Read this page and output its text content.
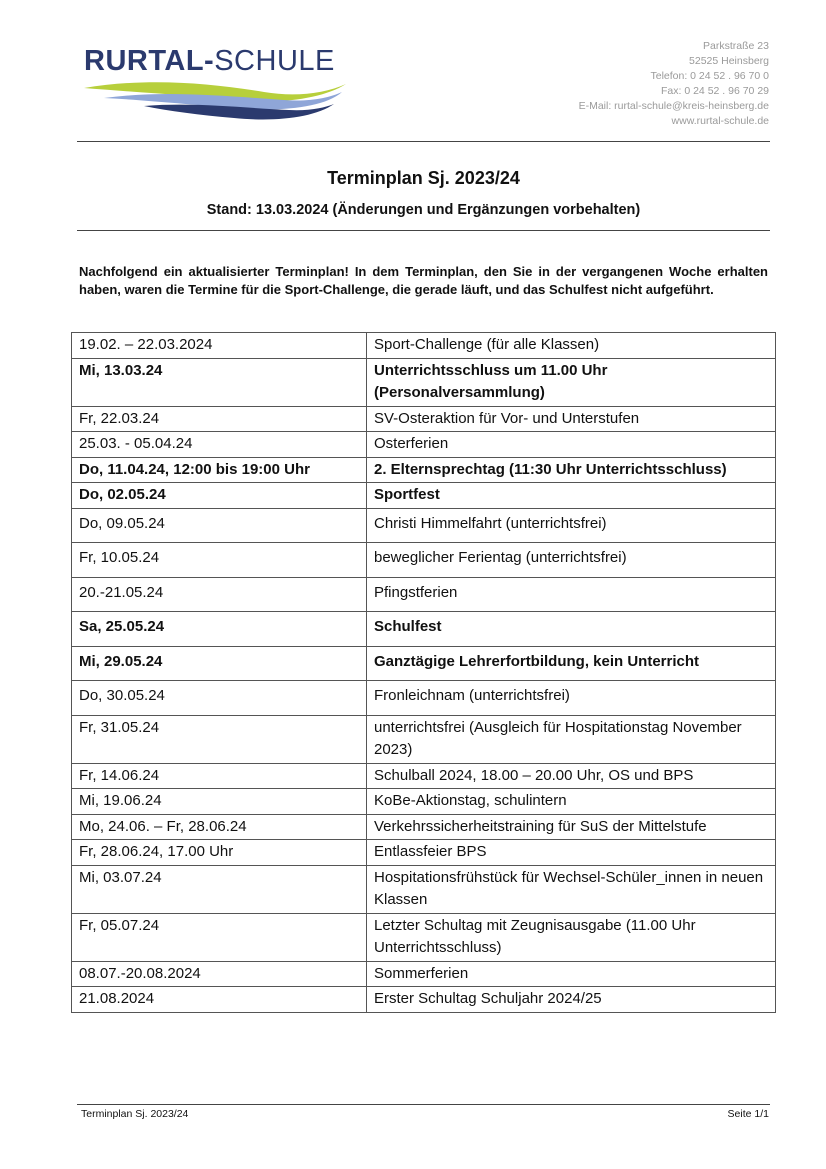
RURTAL-SCHULE	Parkstraße 23
52525 Heinsberg
Telefon: 0 24 52 . 96 70 0
Fax: 0 24 52 . 96 70 29
E-Mail: rurtal-schule@kreis-heinsberg.de
www.rurtal-schule.de
Terminplan Sj. 2023/24
Stand: 13.03.2024 (Änderungen und Ergänzungen vorbehalten)
Nachfolgend ein aktualisierter Terminplan! In dem Terminplan, den Sie in der vergangenen Woche erhalten haben, waren die Termine für die Sport-Challenge, die gerade läuft, und das Schulfest nicht aufgeführt.
19.02. – 22.03.2024	Sport-Challenge (für alle Klassen)
Mi, 13.03.24	Unterrichtsschluss um 11.00 Uhr (Personalversammlung)
Fr, 22.03.24	SV-Osteraktion für Vor- und Unterstufen
25.03. - 05.04.24	Osterferien
Do, 11.04.24, 12:00 bis 19:00 Uhr	2. Elternsprechtag (11:30 Uhr Unterrichtsschluss)
Do, 02.05.24	Sportfest
Do, 09.05.24	Christi Himmelfahrt (unterrichtsfrei)
Fr, 10.05.24	beweglicher Ferientag (unterrichtsfrei)
20.-21.05.24	Pfingstferien
Sa, 25.05.24	Schulfest
Mi, 29.05.24	Ganztägige Lehrerfortbildung, kein Unterricht
Do, 30.05.24	Fronleichnam (unterrichtsfrei)
Fr, 31.05.24	unterrichtsfrei (Ausgleich für Hospitationstag November 2023)
Fr, 14.06.24	Schulball 2024, 18.00 – 20.00 Uhr, OS und BPS
Mi, 19.06.24	KoBe-Aktionstag, schulintern
Mo, 24.06. – Fr, 28.06.24	Verkehrssicherheitstraining für SuS der Mittelstufe
Fr, 28.06.24, 17.00 Uhr	Entlassfeier BPS
Mi, 03.07.24	Hospitationsfrühstück für Wechsel-Schüler_innen in neuen Klassen
Fr, 05.07.24	Letzter Schultag mit Zeugnisausgabe (11.00 Uhr Unterrichtsschluss)
08.07.-20.08.2024	Sommerferien
21.08.2024	Erster Schultag Schuljahr 2024/25
Terminplan Sj. 2023/24	Seite 1/1
